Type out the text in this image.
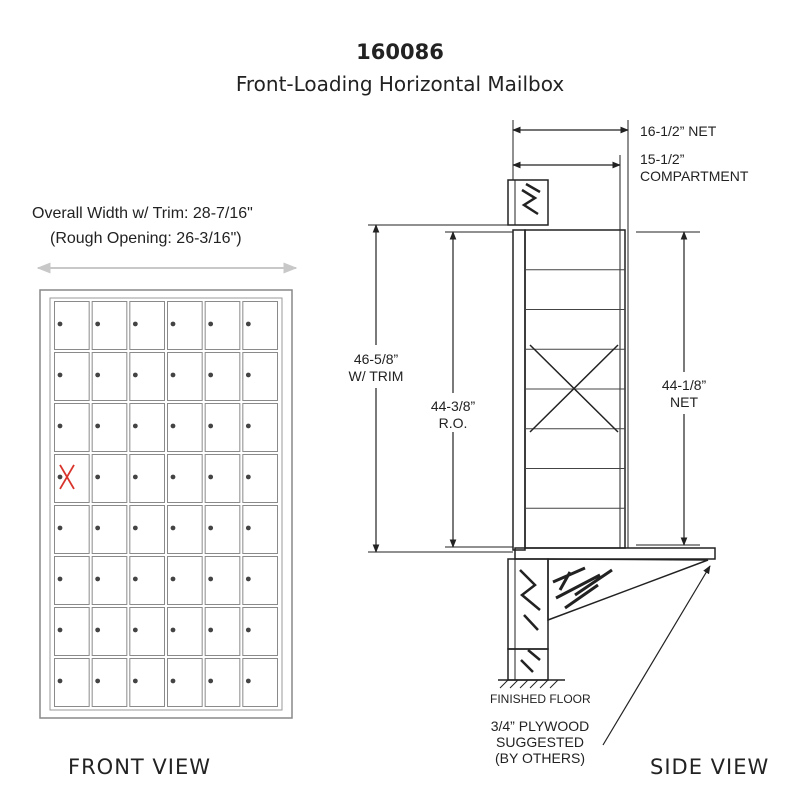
160086
Front-Loading Horizontal Mailbox
Overall Width w/ Trim: 28-7/16"
(Rough Opening: 26-3/16")
FRONT VIEW
16-1/2” NET
15-1/2”
COMPARTMENT
46-5/8”
W/ TRIM
44-3/8”
R.O.
44-1/8”
NET
FINISHED FLOOR
3/4” PLYWOOD
SUGGESTED
(BY OTHERS)	SIDE VIEW
